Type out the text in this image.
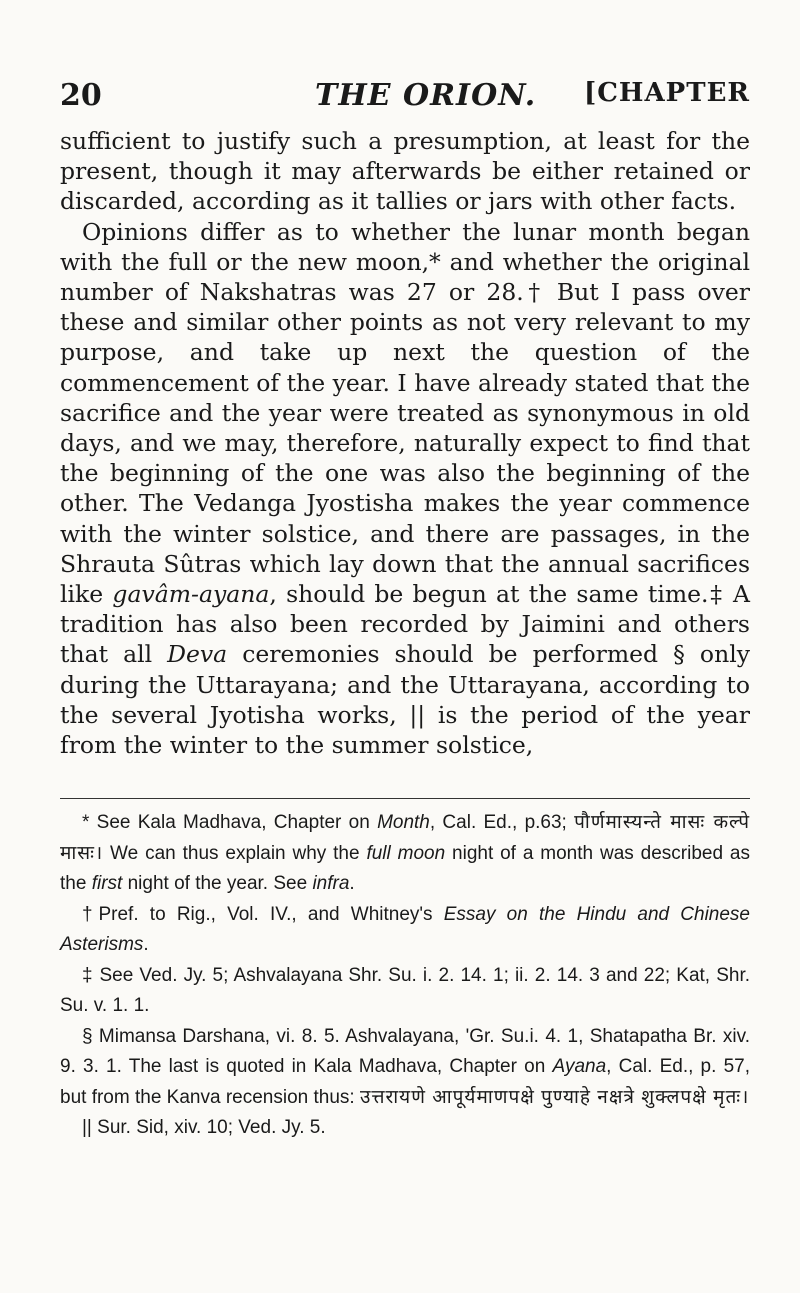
20	THE ORION. [CHAPTER

sufficient to justify such a presumption, at least for the present, though it may afterwards be either retained or discarded, according as it tallies or jars with other facts.

Opinions differ as to whether the lunar month began with the full or the new moon,* and whether the original number of Nakshatras was 27 or 28.† But I pass over these and similar other points as not very relevant to my purpose, and take up next the question of the commencement of the year. I have already stated that the sacrifice and the year were treated as synonymous in old days, and we may, therefore, naturally expect to find that the beginning of the one was also the beginning of the other. The Vedanga Jyostisha makes the year commence with the winter solstice, and there are passages, in the Shrauta Sûtras which lay down that the annual sacrifices like gavâm-ayana, should be begun at the same time.‡ A tradition has also been recorded by Jaimini and others that all Deva ceremonies should be performed § only during the Uttarayana; and the Uttarayana, according to the several Jyotisha works, || is the period of the year from the winter to the summer solstice,

* See Kala Madhava, Chapter on Month, Cal. Ed., p.63; पौर्णमास्यन्ते मासः कल्पे मासः। We can thus explain why the full moon night of a month was described as the first night of the year. See infra.

†Pref. to Rig., Vol. IV., and Whitney's Essay on the Hindu and Chinese Asterisms.

‡ See Ved. Jy. 5; Ashvalayana Shr. Su. i. 2. 14. 1; ii. 2. 14. 3 and 22; Kat, Shr. Su. v. 1. 1.

§ Mimansa Darshana, vi. 8. 5. Ashvalayana, 'Gr. Su.i. 4. 1, Shatapatha Br. xiv. 9. 3. 1. The last is quoted in Kala Madhava, Chapter on Ayana, Cal. Ed., p. 57, but from the Kanva recension thus: उत्तरायणे आपूर्यमाणपक्षे पुण्याहे नक्षत्रे शुक्लपक्षे मृतः।

|| Sur. Sid, xiv. 10; Ved. Jy. 5.
